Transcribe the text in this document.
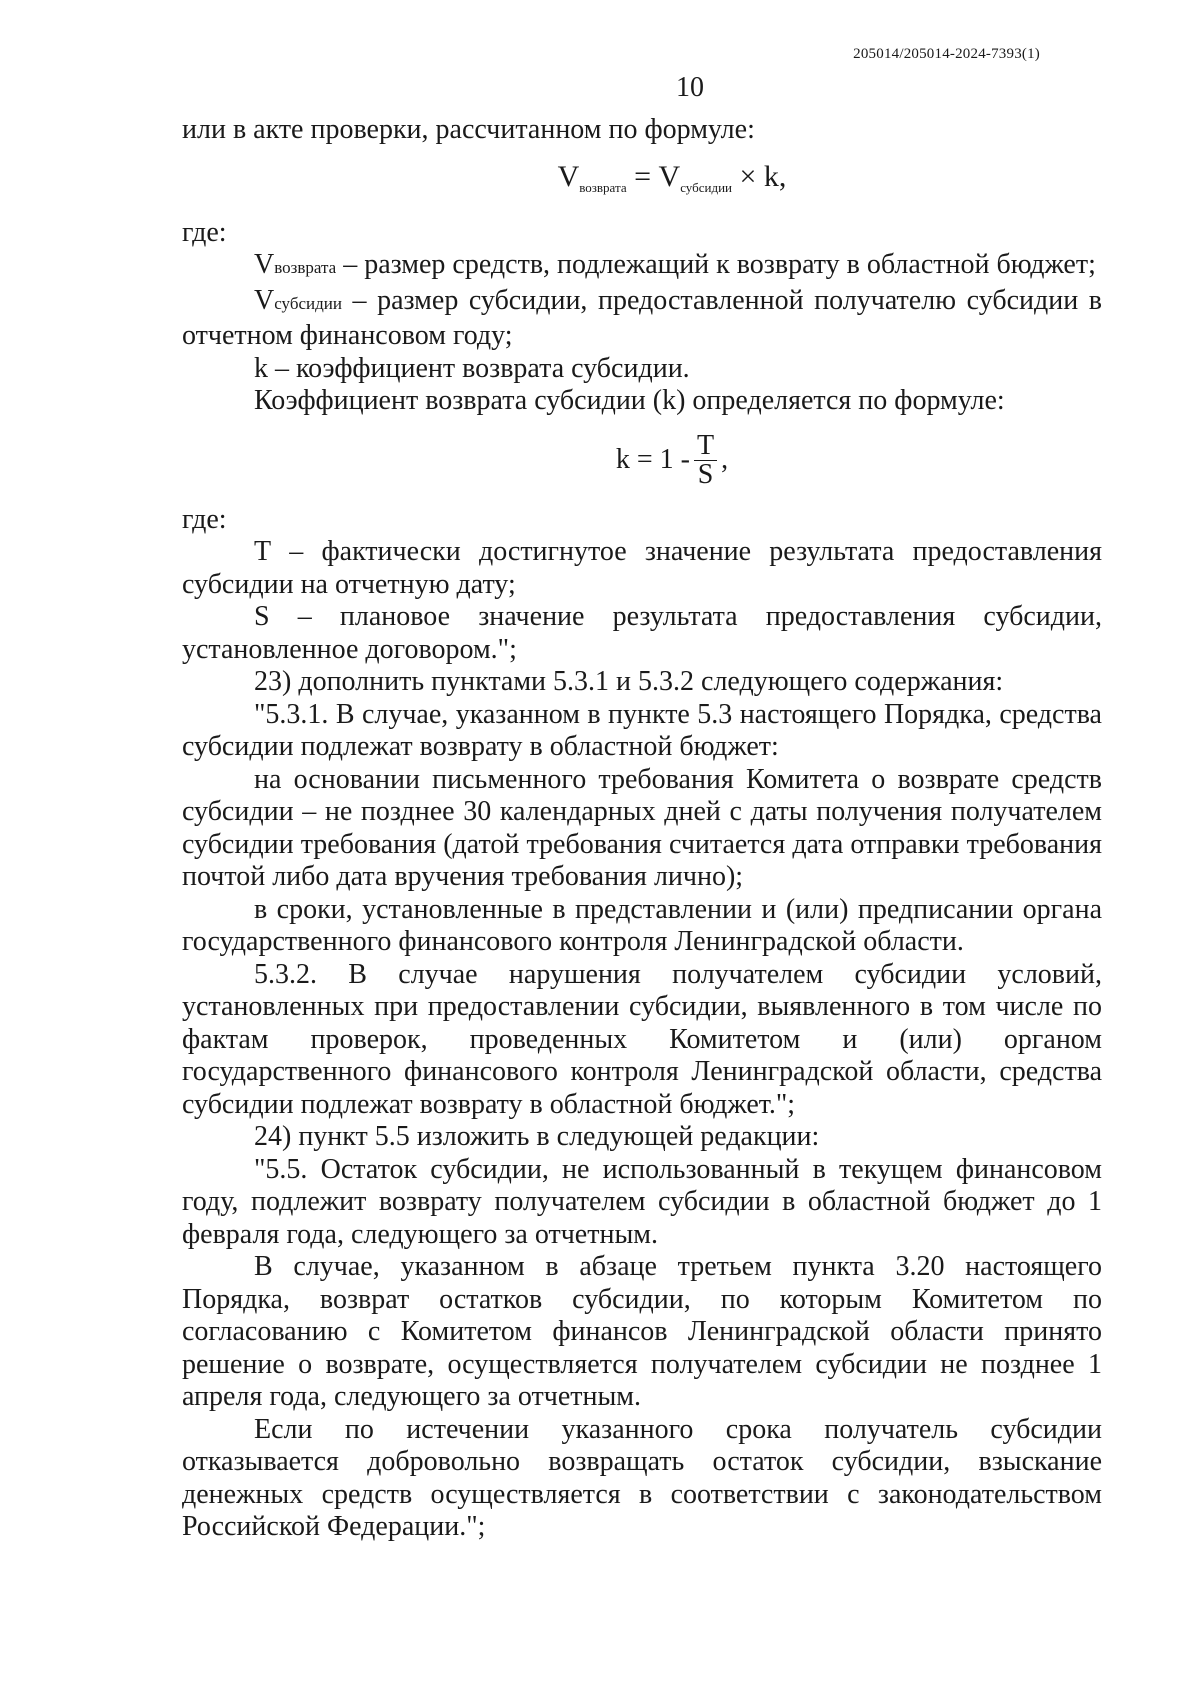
205014/205014-2024-7393(1)
10

или в акте проверки, рассчитанном по формуле:

$V_{возврата} = V_{субсидии} \times k$,

где:

Vвозврата – размер средств, подлежащий к возврату в областной бюджет;

Vсубсидии – размер субсидии, предоставленной получателю субсидии в отчетном финансовом году;

k – коэффициент возврата субсидии.

Коэффициент возврата субсидии (k) определяется по формуле:

$k = 1 - \frac{T}{S}$ ,

где:

Т – фактически достигнутое значение результата предоставления субсидии на отчетную дату;

S – плановое значение результата предоставления субсидии, установленное договором.";

23) дополнить пунктами 5.3.1 и 5.3.2 следующего содержания:

"5.3.1. В случае, указанном в пункте 5.3 настоящего Порядка, средства субсидии подлежат возврату в областной бюджет:

на основании письменного требования Комитета о возврате средств субсидии – не позднее 30 календарных дней с даты получения получателем субсидии требования (датой требования считается дата отправки требования почтой либо дата вручения требования лично);

в сроки, установленные в представлении и (или) предписании органа государственного финансового контроля Ленинградской области.

5.3.2. В случае нарушения получателем субсидии условий, установленных при предоставлении субсидии, выявленного в том числе по фактам проверок, проведенных Комитетом и (или) органом государственного финансового контроля Ленинградской области, средства субсидии подлежат возврату в областной бюджет.";

24) пункт 5.5 изложить в следующей редакции:

"5.5. Остаток субсидии, не использованный в текущем финансовом году, подлежит возврату получателем субсидии в областной бюджет до 1 февраля года, следующего за отчетным.

В случае, указанном в абзаце третьем пункта 3.20 настоящего Порядка, возврат остатков субсидии, по которым Комитетом по согласованию с Комитетом финансов Ленинградской области принято решение о возврате, осуществляется получателем субсидии не позднее 1 апреля года, следующего за отчетным.

Если по истечении указанного срока получатель субсидии отказывается добровольно возвращать остаток субсидии, взыскание денежных средств осуществляется в соответствии с законодательством Российской Федерации.";
